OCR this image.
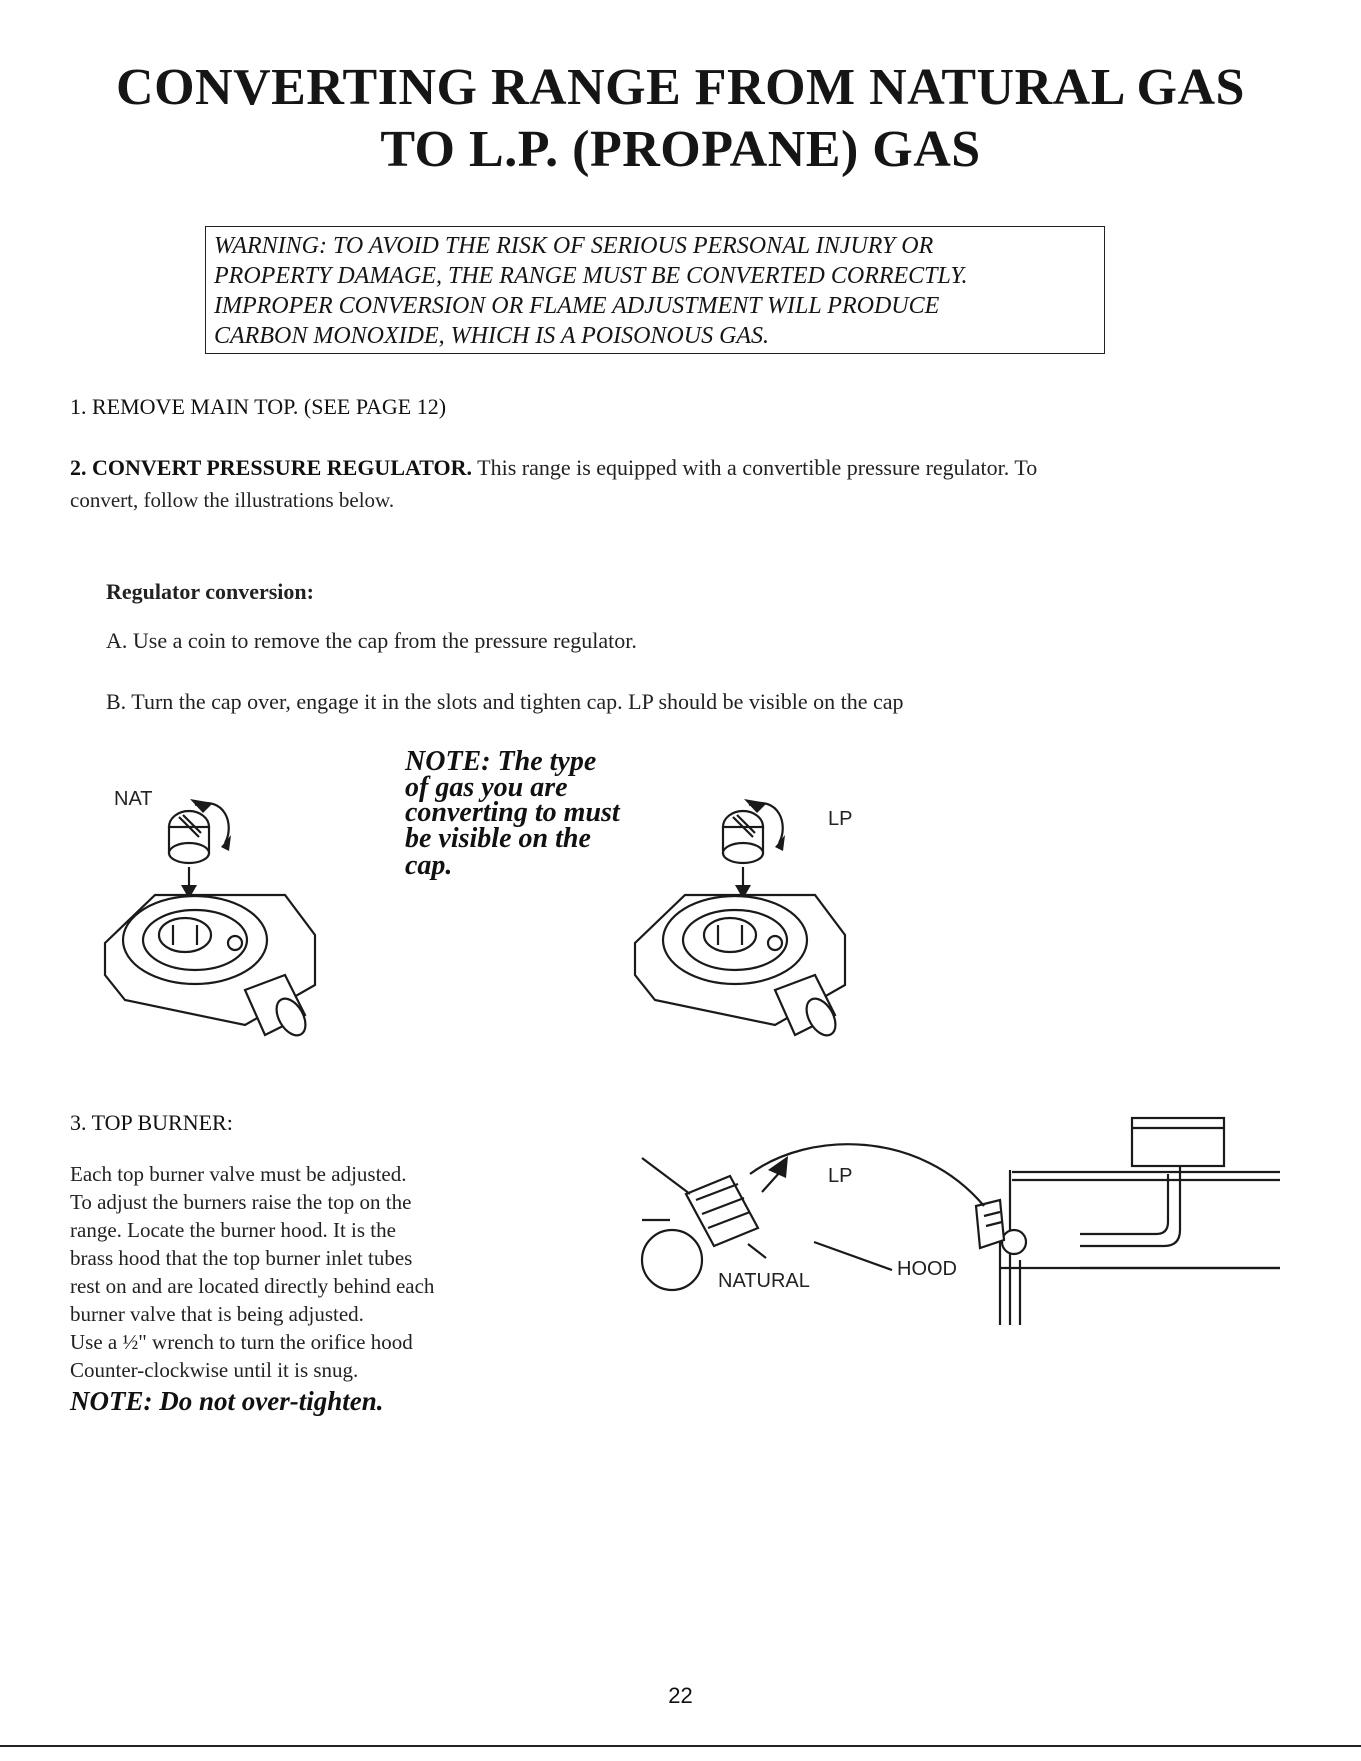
CONVERTING RANGE FROM NATURAL GAS
TO L.P. (PROPANE) GAS
WARNING: TO AVOID THE RISK OF SERIOUS PERSONAL INJURY OR
PROPERTY DAMAGE, THE RANGE MUST BE CONVERTED CORRECTLY.
IMPROPER CONVERSION OR FLAME ADJUSTMENT WILL PRODUCE
CARBON MONOXIDE, WHICH IS A POISONOUS GAS.
1. REMOVE MAIN TOP. (SEE PAGE 12)
2. CONVERT PRESSURE REGULATOR. This range is equipped with a convertible pressure regulator. To
convert, follow the illustrations below.
Regulator conversion:
A. Use a coin to remove the cap from the pressure regulator.
B. Turn the cap over, engage it in the slots and tighten cap. LP should be visible on the cap
NOTE: The type
of gas you are
converting to must
be visible on the
cap.
NAT
LP
3. TOP BURNER:
Each top burner valve must be adjusted.
To adjust the burners raise the top on the
range. Locate the burner hood. It is the
brass hood that the top burner inlet tubes
rest on and are located directly behind each
burner valve that is being adjusted.
Use a ½" wrench to turn the orifice hood
Counter-clockwise until it is snug.
NOTE: Do not over-tighten.
LP
NATURAL
HOOD
22
